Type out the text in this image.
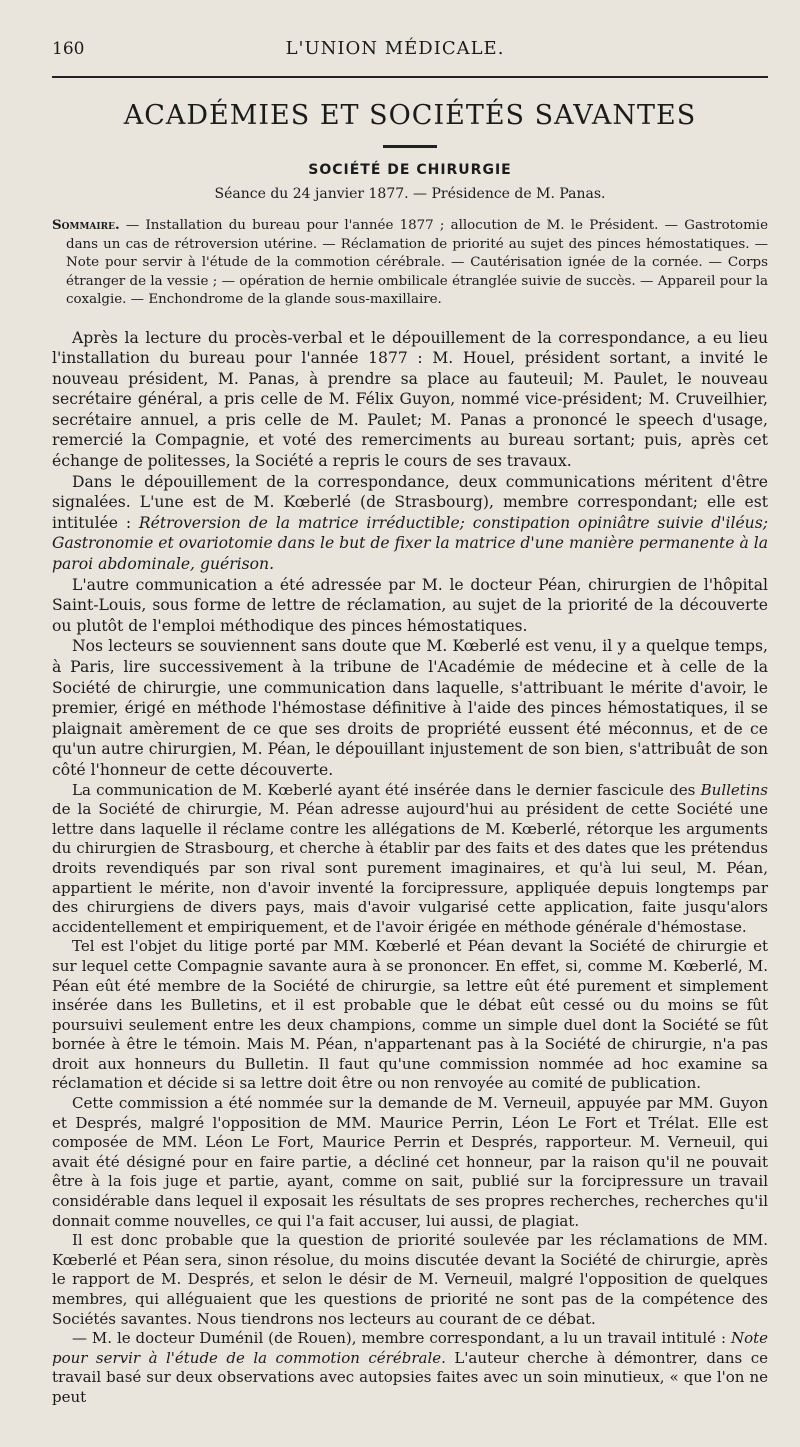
160	L'UNION MÉDICALE.
ACADÉMIES ET SOCIÉTÉS SAVANTES
SOCIÉTÉ DE CHIRURGIE
Séance du 24 janvier 1877. — Présidence de M. Panas.
Sommaire. — Installation du bureau pour l'année 1877 ; allocution de M. le Président. — Gastrotomie dans un cas de rétroversion utérine. — Réclamation de priorité au sujet des pinces hémostatiques. — Note pour servir à l'étude de la commotion cérébrale. — Cautérisation ignée de la cornée. — Corps étranger de la vessie ; — opération de hernie ombilicale étranglée suivie de succès. — Appareil pour la coxalgie. — Enchondrome de la glande sous-maxillaire.

Après la lecture du procès-verbal et le dépouillement de la correspondance, a eu lieu l'installation du bureau pour l'année 1877 : M. Houel, président sortant, a invité le nouveau président, M. Panas, à prendre sa place au fauteuil; M. Paulet, le nouveau secrétaire général, a pris celle de M. Félix Guyon, nommé vice-président; M. Cruveilhier, secrétaire annuel, a pris celle de M. Paulet; M. Panas a prononcé le speech d'usage, remercié la Compagnie, et voté des remerciments au bureau sortant; puis, après cet échange de politesses, la Société a repris le cours de ses travaux.

Dans le dépouillement de la correspondance, deux communications méritent d'être signalées. L'une est de M. Kœberlé (de Strasbourg), membre correspondant; elle est intitulée : Rétroversion de la matrice irréductible; constipation opiniâtre suivie d'iléus; Gastronomie et ovariotomie dans le but de fixer la matrice d'une manière permanente à la paroi abdominale, guérison.

L'autre communication a été adressée par M. le docteur Péan, chirurgien de l'hôpital Saint-Louis, sous forme de lettre de réclamation, au sujet de la priorité de la découverte ou plutôt de l'emploi méthodique des pinces hémostatiques.

Nos lecteurs se souviennent sans doute que M. Kœberlé est venu, il y a quelque temps, à Paris, lire successivement à la tribune de l'Académie de médecine et à celle de la Société de chirurgie, une communication dans laquelle, s'attribuant le mérite d'avoir, le premier, érigé en méthode l'hémostase définitive à l'aide des pinces hémostatiques, il se plaignait amèrement de ce que ses droits de propriété eussent été méconnus, et de ce qu'un autre chirurgien, M. Péan, le dépouillant injustement de son bien, s'attribuât de son côté l'honneur de cette découverte.

La communication de M. Kœberlé ayant été insérée dans le dernier fascicule des Bulletins de la Société de chirurgie, M. Péan adresse aujourd'hui au président de cette Société une lettre dans laquelle il réclame contre les allégations de M. Kœberlé, rétorque les arguments du chirurgien de Strasbourg, et cherche à établir par des faits et des dates que les prétendus droits revendiqués par son rival sont purement imaginaires, et qu'à lui seul, M. Péan, appartient le mérite, non d'avoir inventé la forcipressure, appliquée depuis longtemps par des chirurgiens de divers pays, mais d'avoir vulgarisé cette application, faite jusqu'alors accidentellement et empiriquement, et de l'avoir érigée en méthode générale d'hémostase.

Tel est l'objet du litige porté par MM. Kœberlé et Péan devant la Société de chirurgie et sur lequel cette Compagnie savante aura à se prononcer. En effet, si, comme M. Kœberlé, M. Péan eût été membre de la Société de chirurgie, sa lettre eût été purement et simplement insérée dans les Bulletins, et il est probable que le débat eût cessé ou du moins se fût poursuivi seulement entre les deux champions, comme un simple duel dont la Société se fût bornée à être le témoin. Mais M. Péan, n'appartenant pas à la Société de chirurgie, n'a pas droit aux honneurs du Bulletin. Il faut qu'une commission nommée ad hoc examine sa réclamation et décide si sa lettre doit être ou non renvoyée au comité de publication.

Cette commission a été nommée sur la demande de M. Verneuil, appuyée par MM. Guyon et Després, malgré l'opposition de MM. Maurice Perrin, Léon Le Fort et Trélat. Elle est composée de MM. Léon Le Fort, Maurice Perrin et Després, rapporteur. M. Verneuil, qui avait été désigné pour en faire partie, a décliné cet honneur, par la raison qu'il ne pouvait être à la fois juge et partie, ayant, comme on sait, publié sur la forcipressure un travail considérable dans lequel il exposait les résultats de ses propres recherches, recherches qu'il donnait comme nouvelles, ce qui l'a fait accuser, lui aussi, de plagiat.

Il est donc probable que la question de priorité soulevée par les réclamations de MM. Kœberlé et Péan sera, sinon résolue, du moins discutée devant la Société de chirurgie, après le rapport de M. Després, et selon le désir de M. Verneuil, malgré l'opposition de quelques membres, qui alléguaient que les questions de priorité ne sont pas de la compétence des Sociétés savantes. Nous tiendrons nos lecteurs au courant de ce débat.

— M. le docteur Duménil (de Rouen), membre correspondant, a lu un travail intitulé : Note pour servir à l'étude de la commotion cérébrale. L'auteur cherche à démontrer, dans ce travail basé sur deux observations avec autopsies faites avec un soin minutieux, « que l'on ne peut
